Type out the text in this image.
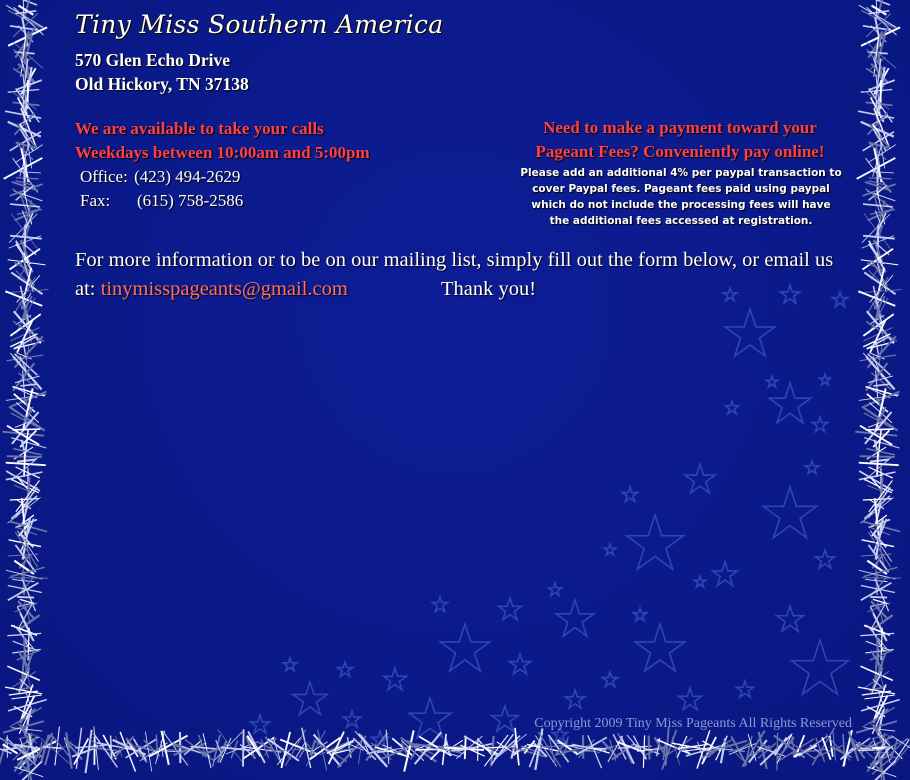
Tiny Miss Southern America
570 Glen Echo Drive
Old Hickory, TN 37138
We are available to take your calls
Weekdays between 10:00am and 5:00pm
Office: (423) 494-2629
Fax: (615) 758-2586
Need to make a payment toward your
Pageant Fees? Conveniently pay online!
Please add an additional 4% per paypal transaction to cover Paypal fees. Pageant fees paid using paypal which do not include the processing fees will have the additional fees accessed at registration.
For more information or to be on our mailing list, simply fill out the form below, or email us at: tinymisspageants@gmail.com	Thank you!
Copyright 2009 Tiny Miss Pageants All Rights Reserved
